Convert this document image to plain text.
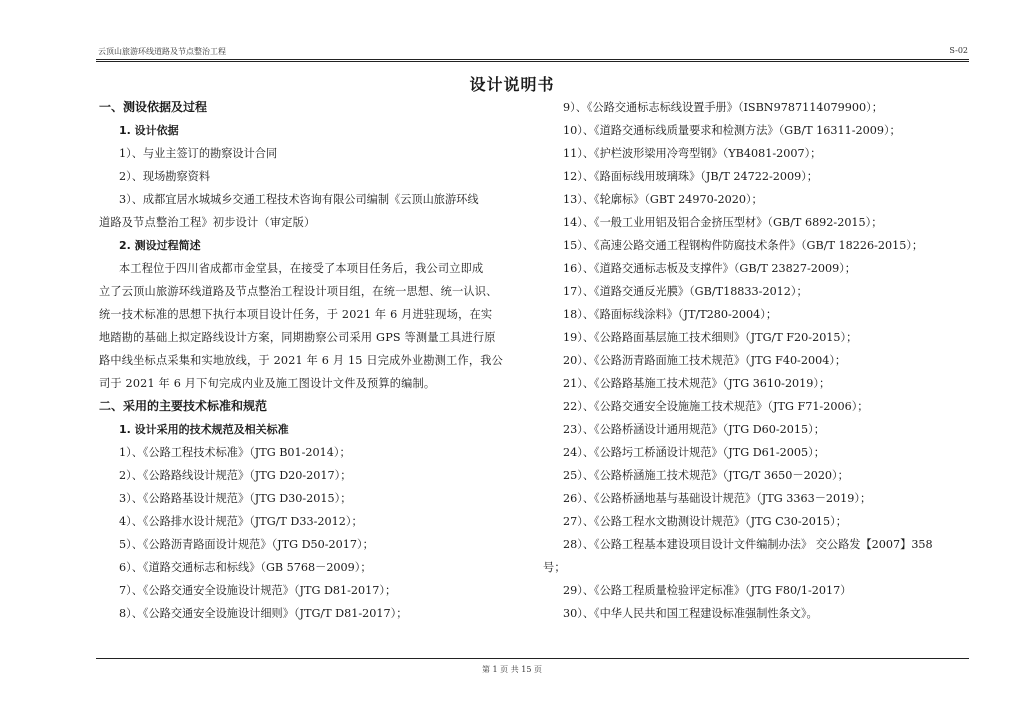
云顶山旅游环线道路及节点整治工程	S-02
设计说明书
一、测设依据及过程
1. 设计依据
1）、与业主签订的勘察设计合同
2）、现场勘察资料
3）、成都宜居水城城乡交通工程技术咨询有限公司编制《云顶山旅游环线
道路及节点整治工程》初步设计（审定版）
2. 测设过程简述
本工程位于四川省成都市金堂县，在接受了本项目任务后，我公司立即成
立了云顶山旅游环线道路及节点整治工程设计项目组，在统一思想、统一认识、
统一技术标准的思想下执行本项目设计任务，于 2021 年 6 月进驻现场，在实
地踏勘的基础上拟定路线设计方案，同期勘察公司采用 GPS 等测量工具进行原
路中线坐标点采集和实地放线，于 2021 年 6 月 15 日完成外业勘测工作，我公
司于 2021 年 6 月下旬完成内业及施工图设计文件及预算的编制。
二、采用的主要技术标准和规范
1. 设计采用的技术规范及相关标准
1）、《公路工程技术标准》（JTG B01-2014）；
2）、《公路路线设计规范》（JTG D20-2017）；
3）、《公路路基设计规范》（JTG D30-2015）；
4）、《公路排水设计规范》（JTG/T D33-2012）；
5）、《公路沥青路面设计规范》（JTG D50-2017）；
6）、《道路交通标志和标线》（GB 5768－2009）；
7）、《公路交通安全设施设计规范》（JTG D81-2017）；
8）、《公路交通安全设施设计细则》（JTG/T D81-2017）；
9）、《公路交通标志标线设置手册》（ISBN9787114079900）；
10）、《道路交通标线质量要求和检测方法》（GB/T 16311-2009）；
11）、《护栏波形梁用冷弯型钢》（YB4081-2007）；
12）、《路面标线用玻璃珠》（JB/T 24722-2009）；
13）、《轮廓标》（GBT 24970-2020）；
14）、《一般工业用铝及铝合金挤压型材》（GB/T 6892-2015）；
15）、《高速公路交通工程钢构件防腐技术条件》（GB/T 18226-2015）；
16）、《道路交通标志板及支撑件》（GB/T 23827-2009）；
17）、《道路交通反光膜》（GB/T18833-2012）；
18）、《路面标线涂料》（JT/T280-2004）；
19）、《公路路面基层施工技术细则》（JTG/T F20-2015）；
20）、《公路沥青路面施工技术规范》（JTG F40-2004）；
21）、《公路路基施工技术规范》（JTG 3610-2019）；
22）、《公路交通安全设施施工技术规范》（JTG F71-2006）；
23）、《公路桥涵设计通用规范》（JTG D60-2015）；
24）、《公路圬工桥涵设计规范》（JTG D61-2005）；
25）、《公路桥涵施工技术规范》（JTG/T 3650－2020）；
26）、《公路桥涵地基与基础设计规范》（JTG 3363－2019）；
27）、《公路工程水文勘测设计规范》（JTG C30-2015）；
28）、《公路工程基本建设项目设计文件编制办法》 交公路发【2007】358
号；
29）、《公路工程质量检验评定标准》（JTG F80/1-2017）
30）、《中华人民共和国工程建设标准强制性条文》。
第 1 页 共 15 页
